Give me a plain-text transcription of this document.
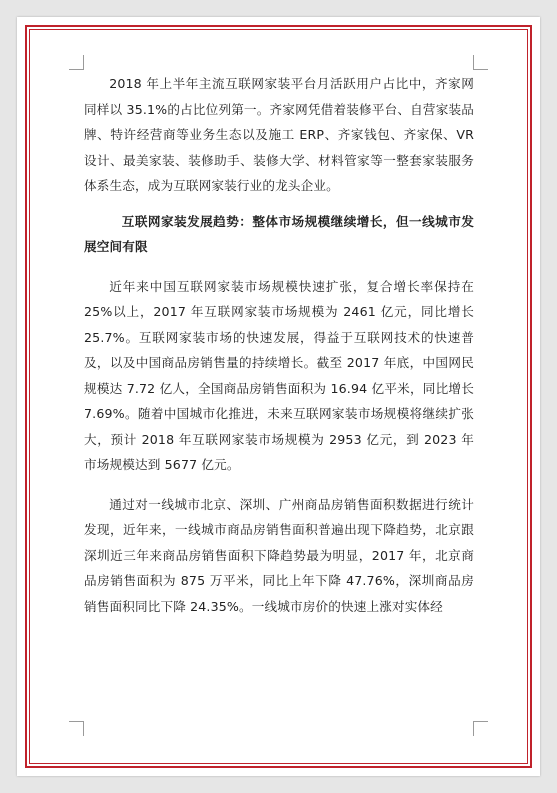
2018 年上半年主流互联网家装平台月活跃用户占比中，齐家网同样以 35.1%的占比位列第一。齐家网凭借着装修平台、自营家装品牌、特许经营商等业务生态以及施工 ERP、齐家钱包、齐家保、VR 设计、最美家装、装修助手、装修大学、材料管家等一整套家装服务体系生态，成为互联网家装行业的龙头企业。

互联网家装发展趋势：整体市场规模继续增长，但一线城市发展空间有限

近年来中国互联网家装市场规模快速扩张，复合增长率保持在 25%以上，2017 年互联网家装市场规模为 2461 亿元，同比增长 25.7%。互联网家装市场的快速发展，得益于互联网技术的快速普及，以及中国商品房销售量的持续增长。截至 2017 年底，中国网民规模达 7.72 亿人，全国商品房销售面积为 16.94 亿平米，同比增长 7.69%。随着中国城市化推进，未来互联网家装市场规模将继续扩张大，预计 2018 年互联网家装市场规模为 2953 亿元，到 2023 年市场规模达到 5677 亿元。

通过对一线城市北京、深圳、广州商品房销售面积数据进行统计发现，近年来，一线城市商品房销售面积普遍出现下降趋势，北京跟深圳近三年来商品房销售面积下降趋势最为明显，2017 年，北京商品房销售面积为 875 万平米，同比上年下降 47.76%，深圳商品房销售面积同比下降 24.35%。一线城市房价的快速上涨对实体经
